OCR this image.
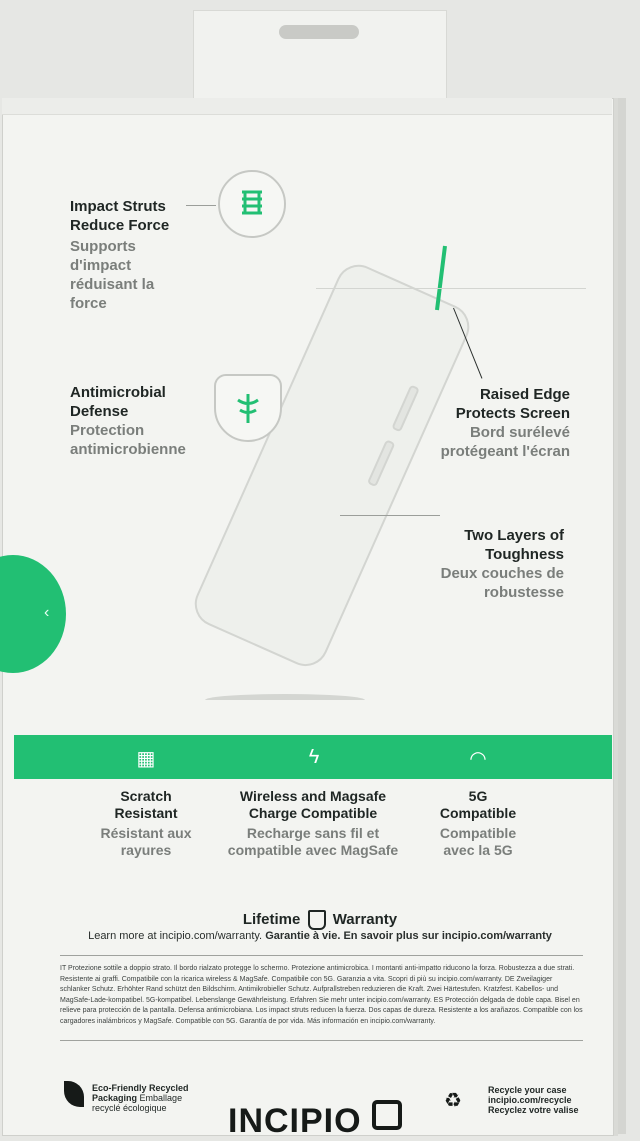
Impact Struts
Reduce Force
Supports
d'impact
réduisant la
force
Antimicrobial
Defense
Protection
antimicrobienne
Raised Edge
Protects Screen
Bord surélevé
protégeant l'écran
Two Layers of
Toughness
Deux couches de
robustesse
‹
▦	ϟ	◠
Scratch
Resistant
Résistant aux
rayures
Wireless and Magsafe
Charge Compatible
Recharge sans fil et
compatible avec MagSafe
5G
Compatible
Compatible
avec la 5G
Lifetime Warranty
Learn more at incipio.com/warranty. Garantie à vie. En savoir plus sur incipio.com/warranty
IT Protezione sottile a doppio strato. Il bordo rialzato protegge lo schermo. Protezione antimicrobica. I montanti anti-impatto riducono la forza. Robustezza a due strati. Resistente ai graffi. Compatibile con la ricarica wireless & MagSafe. Compatibile con 5G. Garanzia a vita. Scopri di più su incipio.com/warranty. DE Zweilagiger schlanker Schutz. Erhöhter Rand schützt den Bildschirm. Antimikrobieller Schutz. Aufprallstreben reduzieren die Kraft. Zwei Härtestufen. Kratzfest. Kabellos- und MagSafe-Lade-kompatibel. 5G-kompatibel. Lebenslange Gewährleistung. Erfahren Sie mehr unter incipio.com/warranty. ES Protección delgada de doble capa. Bisel en relieve para protección de la pantalla. Defensa antimicrobiana. Los impact struts reducen la fuerza. Dos capas de dureza. Resistente a los arañazos. Compatible con los cargadores inalámbricos y MagSafe. Compatible con 5G. Garantía de por vida. Más información en incipio.com/warranty.
Eco-Friendly Recycled
Packaging Emballage
recyclé écologique	INCIPIO
♻	Recycle your case
incipio.com/recycle
Recyclez votre valise
